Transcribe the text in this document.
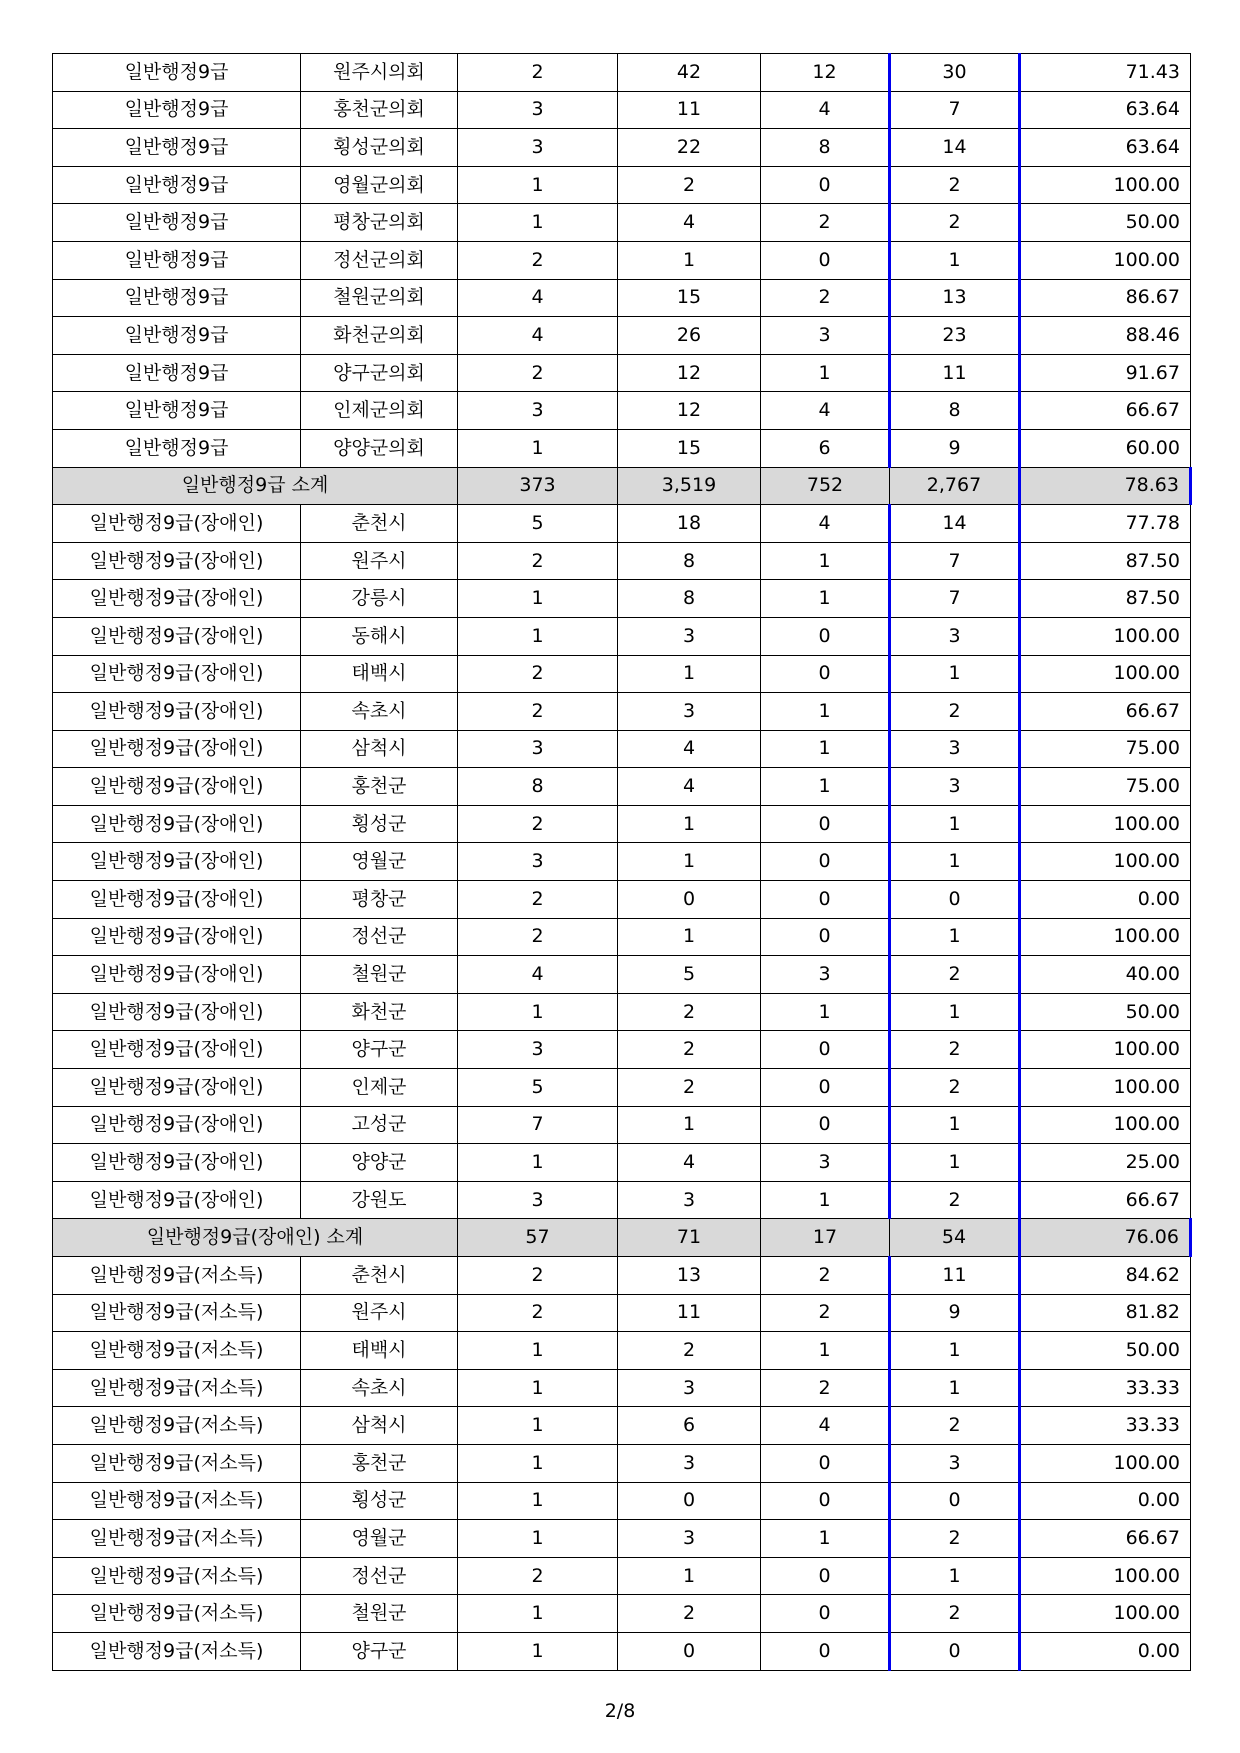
일반행정9급	원주시의회	2	42	12	30	71.43
일반행정9급	홍천군의회	3	11	4	7	63.64
일반행정9급	횡성군의회	3	22	8	14	63.64
일반행정9급	영월군의회	1	2	0	2	100.00
일반행정9급	평창군의회	1	4	2	2	50.00
일반행정9급	정선군의회	2	1	0	1	100.00
일반행정9급	철원군의회	4	15	2	13	86.67
일반행정9급	화천군의회	4	26	3	23	88.46
일반행정9급	양구군의회	2	12	1	11	91.67
일반행정9급	인제군의회	3	12	4	8	66.67
일반행정9급	양양군의회	1	15	6	9	60.00
일반행정9급 소계		373	3,519	752	2,767	78.63
일반행정9급(장애인)	춘천시	5	18	4	14	77.78
일반행정9급(장애인)	원주시	2	8	1	7	87.50
일반행정9급(장애인)	강릉시	1	8	1	7	87.50
일반행정9급(장애인)	동해시	1	3	0	3	100.00
일반행정9급(장애인)	태백시	2	1	0	1	100.00
일반행정9급(장애인)	속초시	2	3	1	2	66.67
일반행정9급(장애인)	삼척시	3	4	1	3	75.00
일반행정9급(장애인)	홍천군	8	4	1	3	75.00
일반행정9급(장애인)	횡성군	2	1	0	1	100.00
일반행정9급(장애인)	영월군	3	1	0	1	100.00
일반행정9급(장애인)	평창군	2	0	0	0	0.00
일반행정9급(장애인)	정선군	2	1	0	1	100.00
일반행정9급(장애인)	철원군	4	5	3	2	40.00
일반행정9급(장애인)	화천군	1	2	1	1	50.00
일반행정9급(장애인)	양구군	3	2	0	2	100.00
일반행정9급(장애인)	인제군	5	2	0	2	100.00
일반행정9급(장애인)	고성군	7	1	0	1	100.00
일반행정9급(장애인)	양양군	1	4	3	1	25.00
일반행정9급(장애인)	강원도	3	3	1	2	66.67
일반행정9급(장애인) 소계		57	71	17	54	76.06
일반행정9급(저소득)	춘천시	2	13	2	11	84.62
일반행정9급(저소득)	원주시	2	11	2	9	81.82
일반행정9급(저소득)	태백시	1	2	1	1	50.00
일반행정9급(저소득)	속초시	1	3	2	1	33.33
일반행정9급(저소득)	삼척시	1	6	4	2	33.33
일반행정9급(저소득)	홍천군	1	3	0	3	100.00
일반행정9급(저소득)	횡성군	1	0	0	0	0.00
일반행정9급(저소득)	영월군	1	3	1	2	66.67
일반행정9급(저소득)	정선군	2	1	0	1	100.00
일반행정9급(저소득)	철원군	1	2	0	2	100.00
일반행정9급(저소득)	양구군	1	0	0	0	0.00
2/8
